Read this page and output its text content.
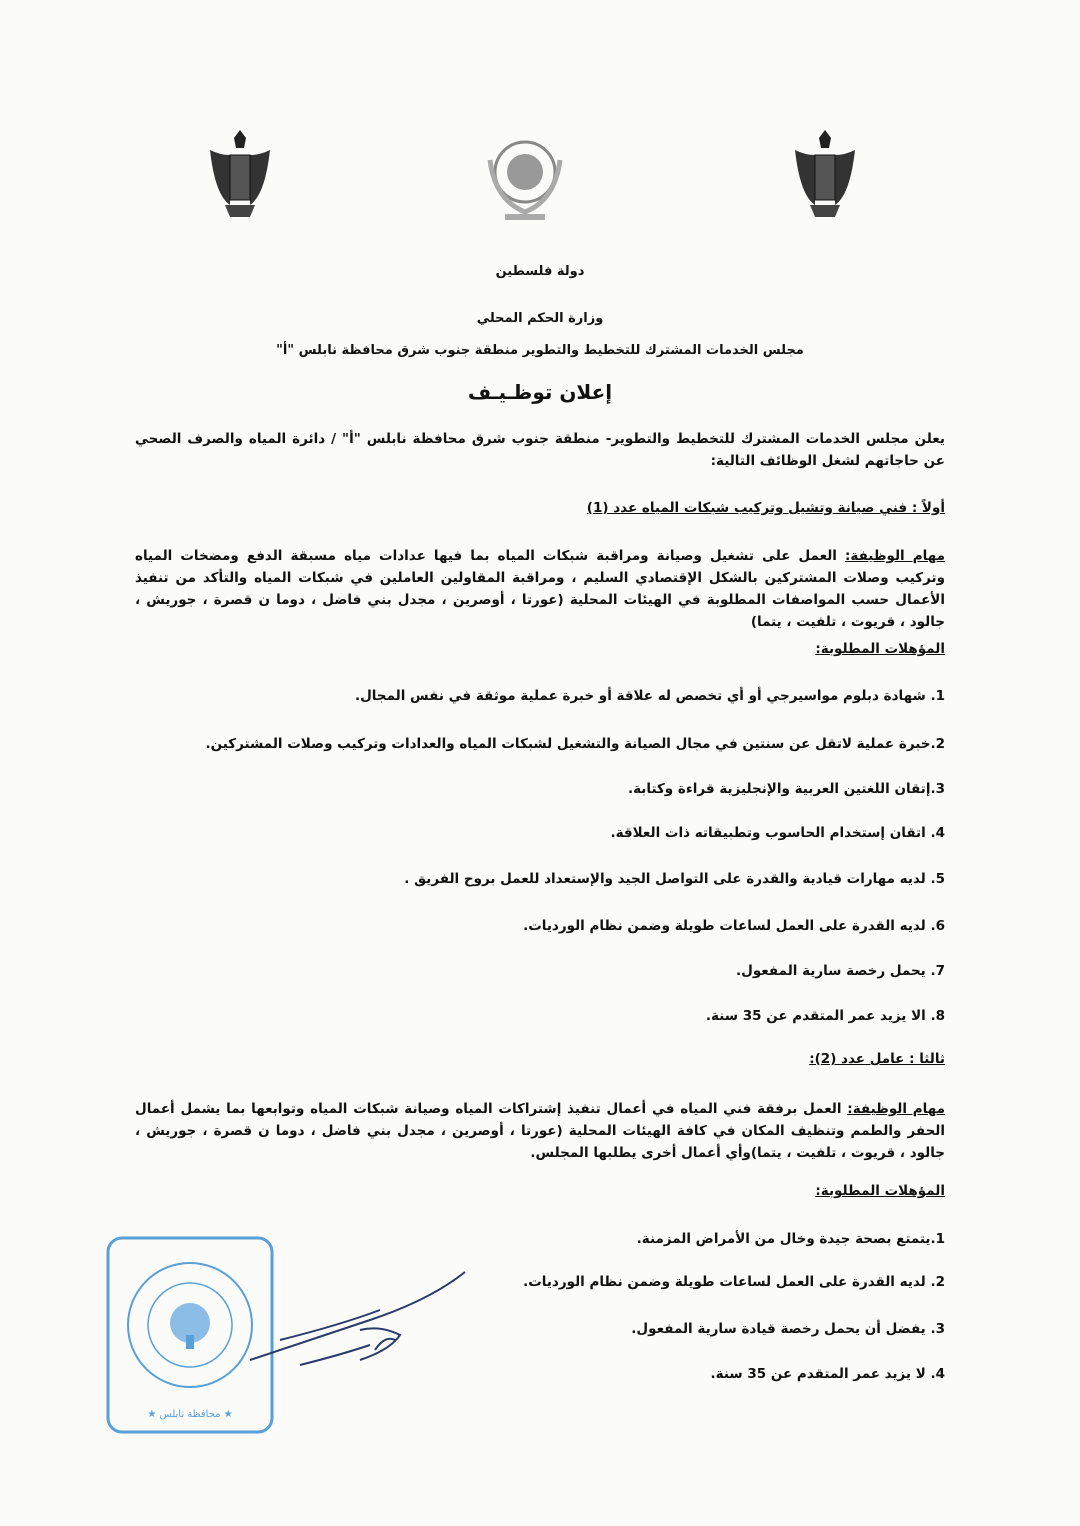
دولة فلسطين
وزارة الحكم المحلي
مجلس الخدمات المشترك للتخطيط والتطوير منطقة جنوب شرق محافظة نابلس "أ"
إعلان توظـيـف
يعلن مجلس الخدمات المشترك للتخطيط والتطوير- منطقة جنوب شرق محافظة نابلس "أ" / دائرة المياه والصرف الصحي عن حاجاتهم لشغل الوظائف التالية:
أولاً : فني صيانة وتشيل وتركيب شبكات المياه عدد (1)
مهام الوظيفة: العمل على تشغيل وصيانة ومراقبة شبكات المياه بما فيها عدادات مياه مسبقة الدفع ومضخات المياه وتركيب وصلات المشتركين بالشكل الإقتصادي السليم ، ومراقبة المقاولين العاملين في شبكات المياه والتأكد من تنفيذ الأعمال حسب المواصفات المطلوبة في الهيئات المحلية (عورتا ، أوصرين ، مجدل بني فاضل ، دوما ن قصرة ، جوريش ، جالود ، قريوت ، تلفيت ، يتما)
المؤهلات المطلوبة:
1. شهادة دبلوم مواسيرجي أو أي تخصص له علاقة أو خبرة عملية موثقة في نفس المجال.
2.خبرة عملية لاتقل عن سنتين في مجال الصيانة والتشغيل لشبكات المياه والعدادات وتركيب وصلات المشتركين.
3.إتقان اللغتين العربية والإنجليزية قراءة وكتابة.
4. اتقان إستخدام الحاسوب وتطبيقاته ذات العلاقة.
5. لديه مهارات قيادية والقدرة على التواصل الجيد والإستعداد للعمل بروح الفريق .
6. لديه القدرة على العمل لساعات طويلة وضمن نظام الورديات.
7. يحمل رخصة سارية المفعول.
8. الا يزيد عمر المتقدم عن 35 سنة.
ثالثا : عامل عدد (2):
مهام الوظيفة: العمل برفقة فني المياه في أعمال تنفيذ إشتراكات المياه وصيانة شبكات المياه وتوابعها بما يشمل أعمال الحفر والطمم وتنظيف المكان في كافة الهيئات المحلية (عورتا ، أوصرين ، مجدل بني فاضل ، دوما ن قصرة ، جوريش ، جالود ، قريوت ، تلفيت ، يتما)وأي أعمال أخرى يطلبها المجلس.
المؤهلات المطلوبة:
1.يتمتع بصحة جيدة وخال من الأمراض المزمنة.
2. لديه القدرة على العمل لساعات طويلة وضمن نظام الورديات.
3. يفضل أن يحمل رخصة قيادة سارية المفعول.
4. لا يزيد عمر المتقدم عن 35 سنة.
★ محافظة نابلس ★
